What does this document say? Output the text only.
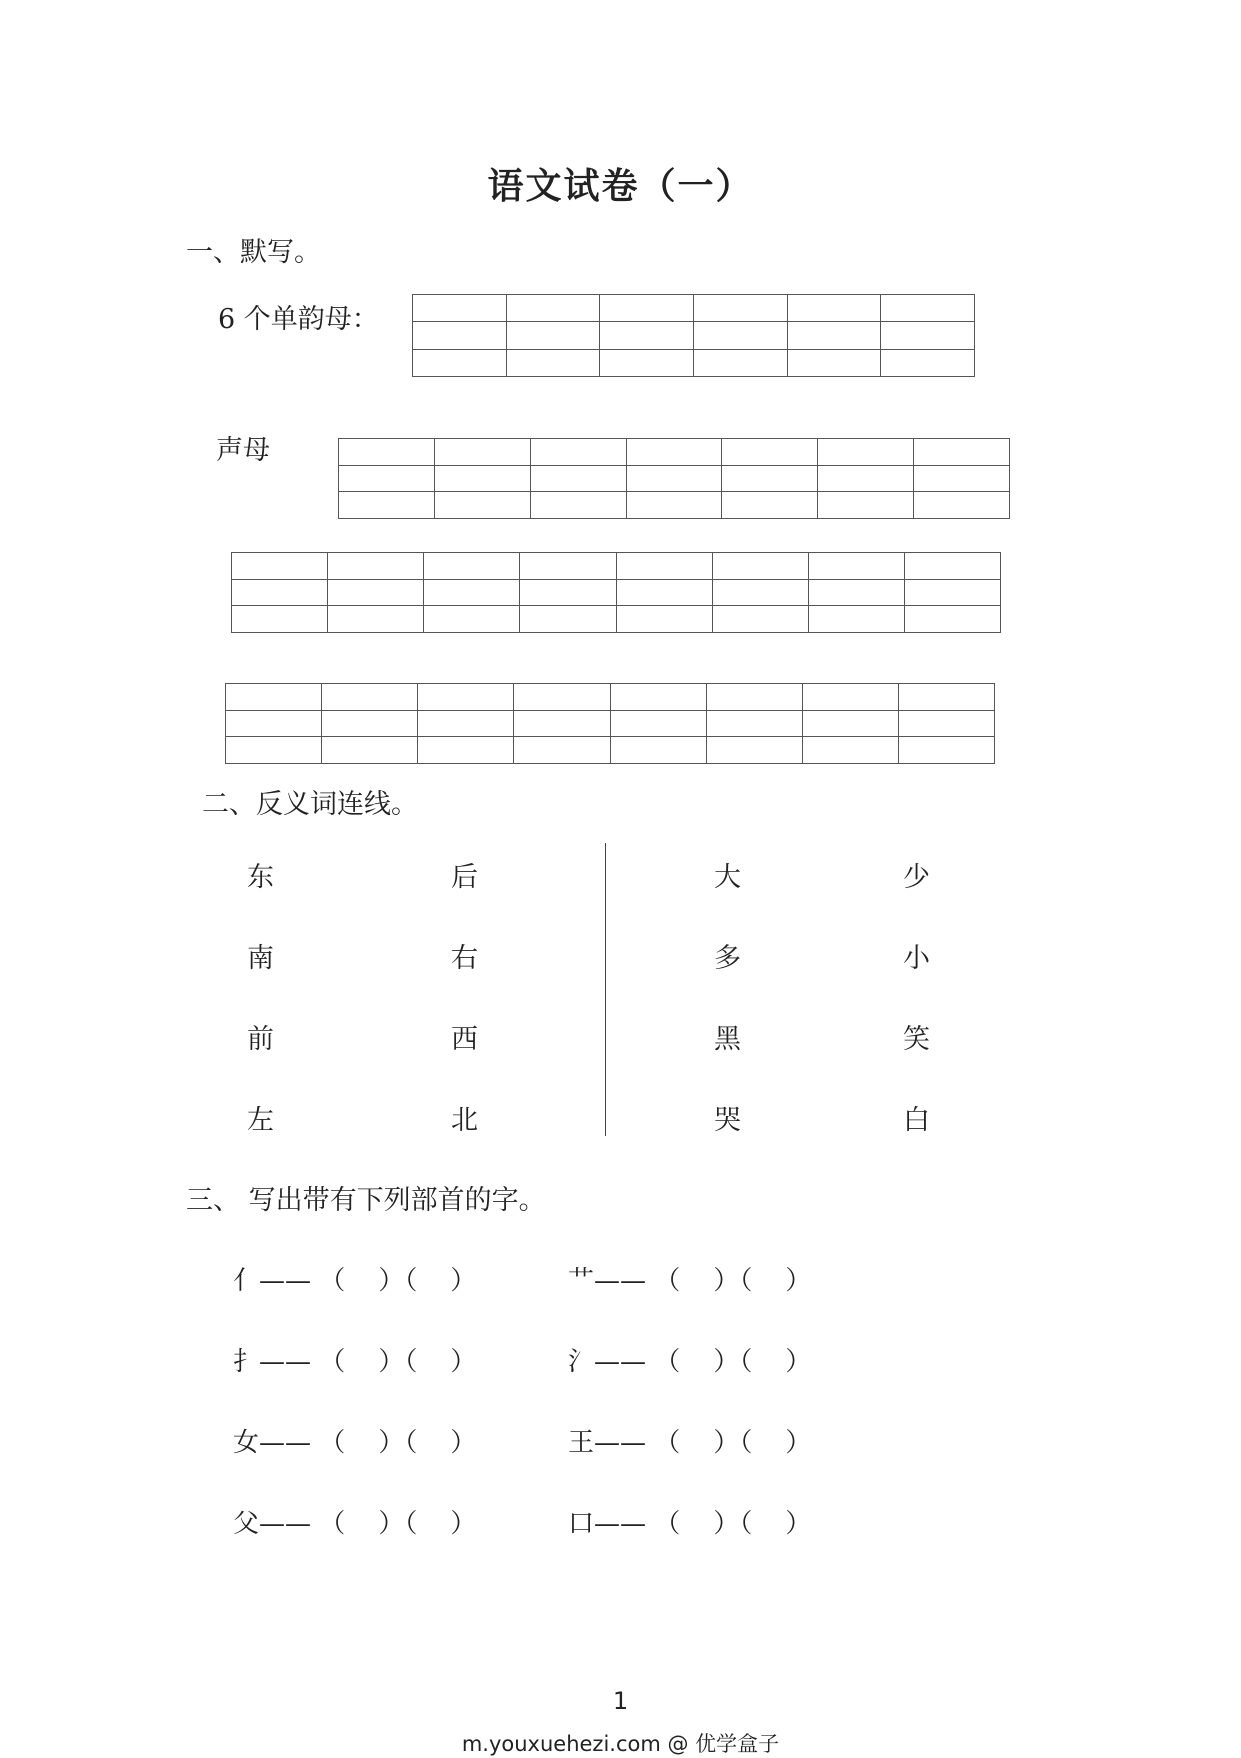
语文试卷（一）
一、默写。
6 个单韵母：

声母

二、反义词连线。
东	后	大	少
南	右	多	小
前	西	黑	笑
左	北	哭	白
三、 写出带有下列部首的字。
亻—— （    ）（    ）	艹—— （    ）（    ）
扌—— （    ）（    ）	氵—— （    ）（    ）
女—— （    ）（    ）	王—— （    ）（    ）
父—— （    ）（    ）	口—— （    ）（    ）
1
m.youxuehezi.com @ 优学盒子
